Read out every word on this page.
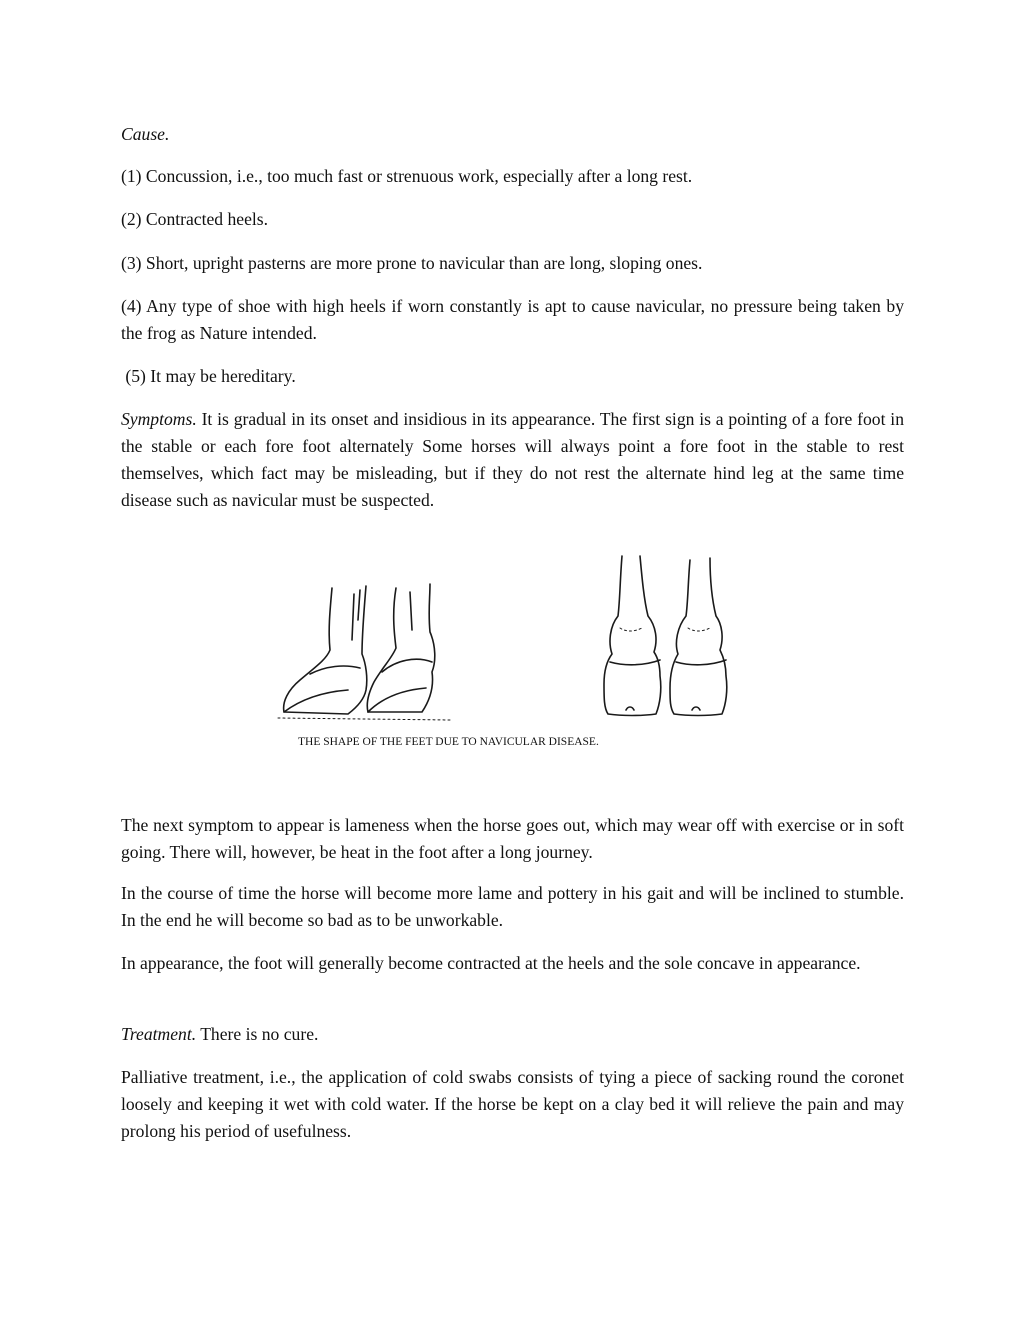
Cause.

(1) Concussion, i.e., too much fast or strenuous work, especially after a long rest.

(2) Contracted heels.

(3) Short, upright pasterns are more prone to navicular than are long, sloping ones.

(4) Any type of shoe with high heels if worn constantly is apt to cause navicular, no pressure being taken by the frog as Nature intended.

(5) It may be hereditary.

Symptoms. It is gradual in its onset and insidious in its appearance. The first sign is a pointing of a fore foot in the stable or each fore foot alternately Some horses will always point a fore foot in the stable to rest themselves, which fact may be misleading, but if they do not rest the alternate hind leg at the same time disease such as navicular must be suspected.

THE SHAPE OF THE FEET DUE TO NAVICULAR DISEASE.

The next symptom to appear is lameness when the horse goes out, which may wear off with exercise or in soft going. There will, however, be heat in the foot after a long journey.

In the course of time the horse will become more lame and pottery in his gait and will be inclined to stumble. In the end he will become so bad as to be unworkable.

In appearance, the foot will generally become contracted at the heels and the sole concave in appearance.

Treatment. There is no cure.

Palliative treatment, i.e., the application of cold swabs consists of tying a piece of sacking round the coronet loosely and keeping it wet with cold water. If the horse be kept on a clay bed it will relieve the pain and may prolong his period of usefulness.
